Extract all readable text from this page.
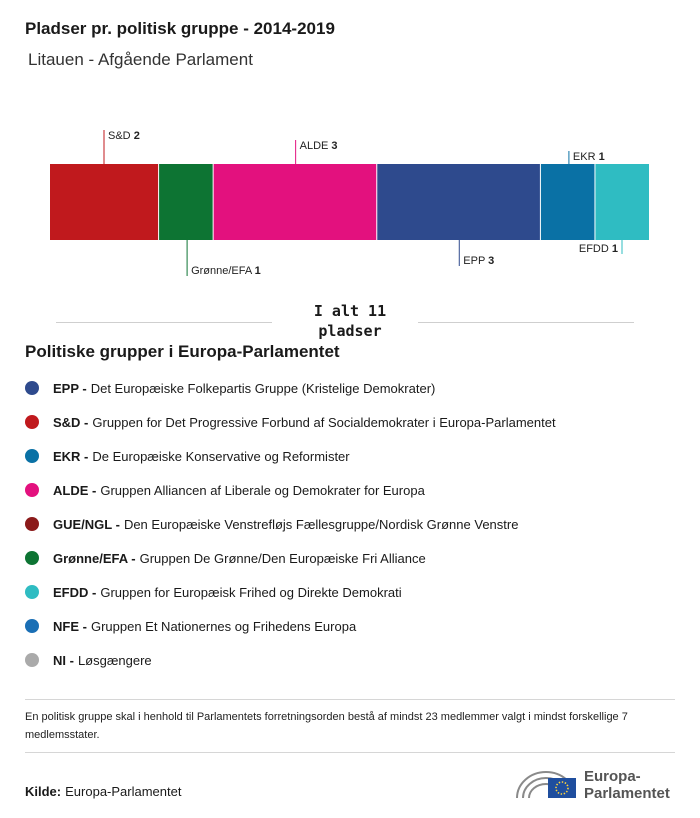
Pladser pr. politisk gruppe - 2014-2019
Litauen - Afgående Parlament
S&D 2
Grønne/EFA 1
ALDE 3
EPP 3
EKR 1
EFDD 1
I alt 11 pladser
Politiske grupper i Europa-Parlamentet
EPP - Det Europæiske Folkepartis Gruppe (Kristelige Demokrater)
S&D - Gruppen for Det Progressive Forbund af Socialdemokrater i Europa-Parlamentet
EKR - De Europæiske Konservative og Reformister
ALDE - Gruppen Alliancen af Liberale og Demokrater for Europa
GUE/NGL - Den Europæiske Venstrefløjs Fællesgruppe/Nordisk Grønne Venstre
Grønne/EFA - Gruppen De Grønne/Den Europæiske Fri Alliance
EFDD - Gruppen for Europæisk Frihed og Direkte Demokrati
NFE - Gruppen Et Nationernes og Frihedens Europa
NI - Løsgængere
En politisk gruppe skal i henhold til Parlamentets forretningsorden bestå af mindst 23 medlemmer valgt i mindst forskellige 7 medlemsstater.
Kilde: Europa-Parlamentet
Europa-
Parlamentet
